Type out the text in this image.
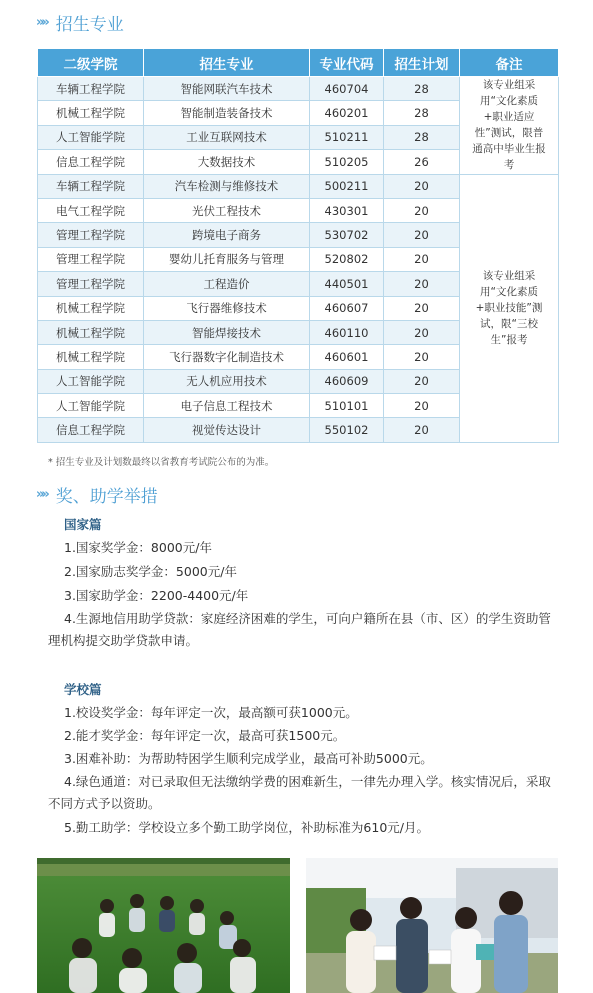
»» 招生专业
二级学院	招生专业	专业代码	招生计划	备注
车辆工程学院	智能网联汽车技术	460704	28	该专业组采用“文化素质+职业适应性”测试，限普通高中毕业生报考
机械工程学院	智能制造装备技术	460201	28	
人工智能学院	工业互联网技术	510211	28	
信息工程学院	大数据技术	510205	26	
车辆工程学院	汽车检测与维修技术	500211	20	该专业组采用“文化素质+职业技能”测试，限“三校生”报考
电气工程学院	光伏工程技术	430301	20	
管理工程学院	跨境电子商务	530702	20	
管理工程学院	婴幼儿托育服务与管理	520802	20	
管理工程学院	工程造价	440501	20	
机械工程学院	飞行器维修技术	460607	20	
机械工程学院	智能焊接技术	460110	20	
机械工程学院	飞行器数字化制造技术	460601	20	
人工智能学院	无人机应用技术	460609	20	
人工智能学院	电子信息工程技术	510101	20	
信息工程学院	视觉传达设计	550102	20	
* 招生专业及计划数最终以省教育考试院公布的为准。
»» 奖、助学举措
国家篇
1.国家奖学金：8000元/年
2.国家励志奖学金：5000元/年
3.国家助学金：2200-4400元/年
4.生源地信用助学贷款：家庭经济困难的学生，可向户籍所在县（市、区）的学生资助管理机构提交助学贷款申请。
学校篇
1.校设奖学金：每年评定一次，最高额可获1000元。
2.能才奖学金：每年评定一次，最高可获1500元。
3.困难补助：为帮助特困学生顺利完成学业，最高可补助5000元。
4.绿色通道：对已录取但无法缴纳学费的困难新生，一律先办理入学。核实情况后，采取不同方式予以资助。
5.勤工助学：学校设立多个勤工助学岗位，补助标准为610元/月。
